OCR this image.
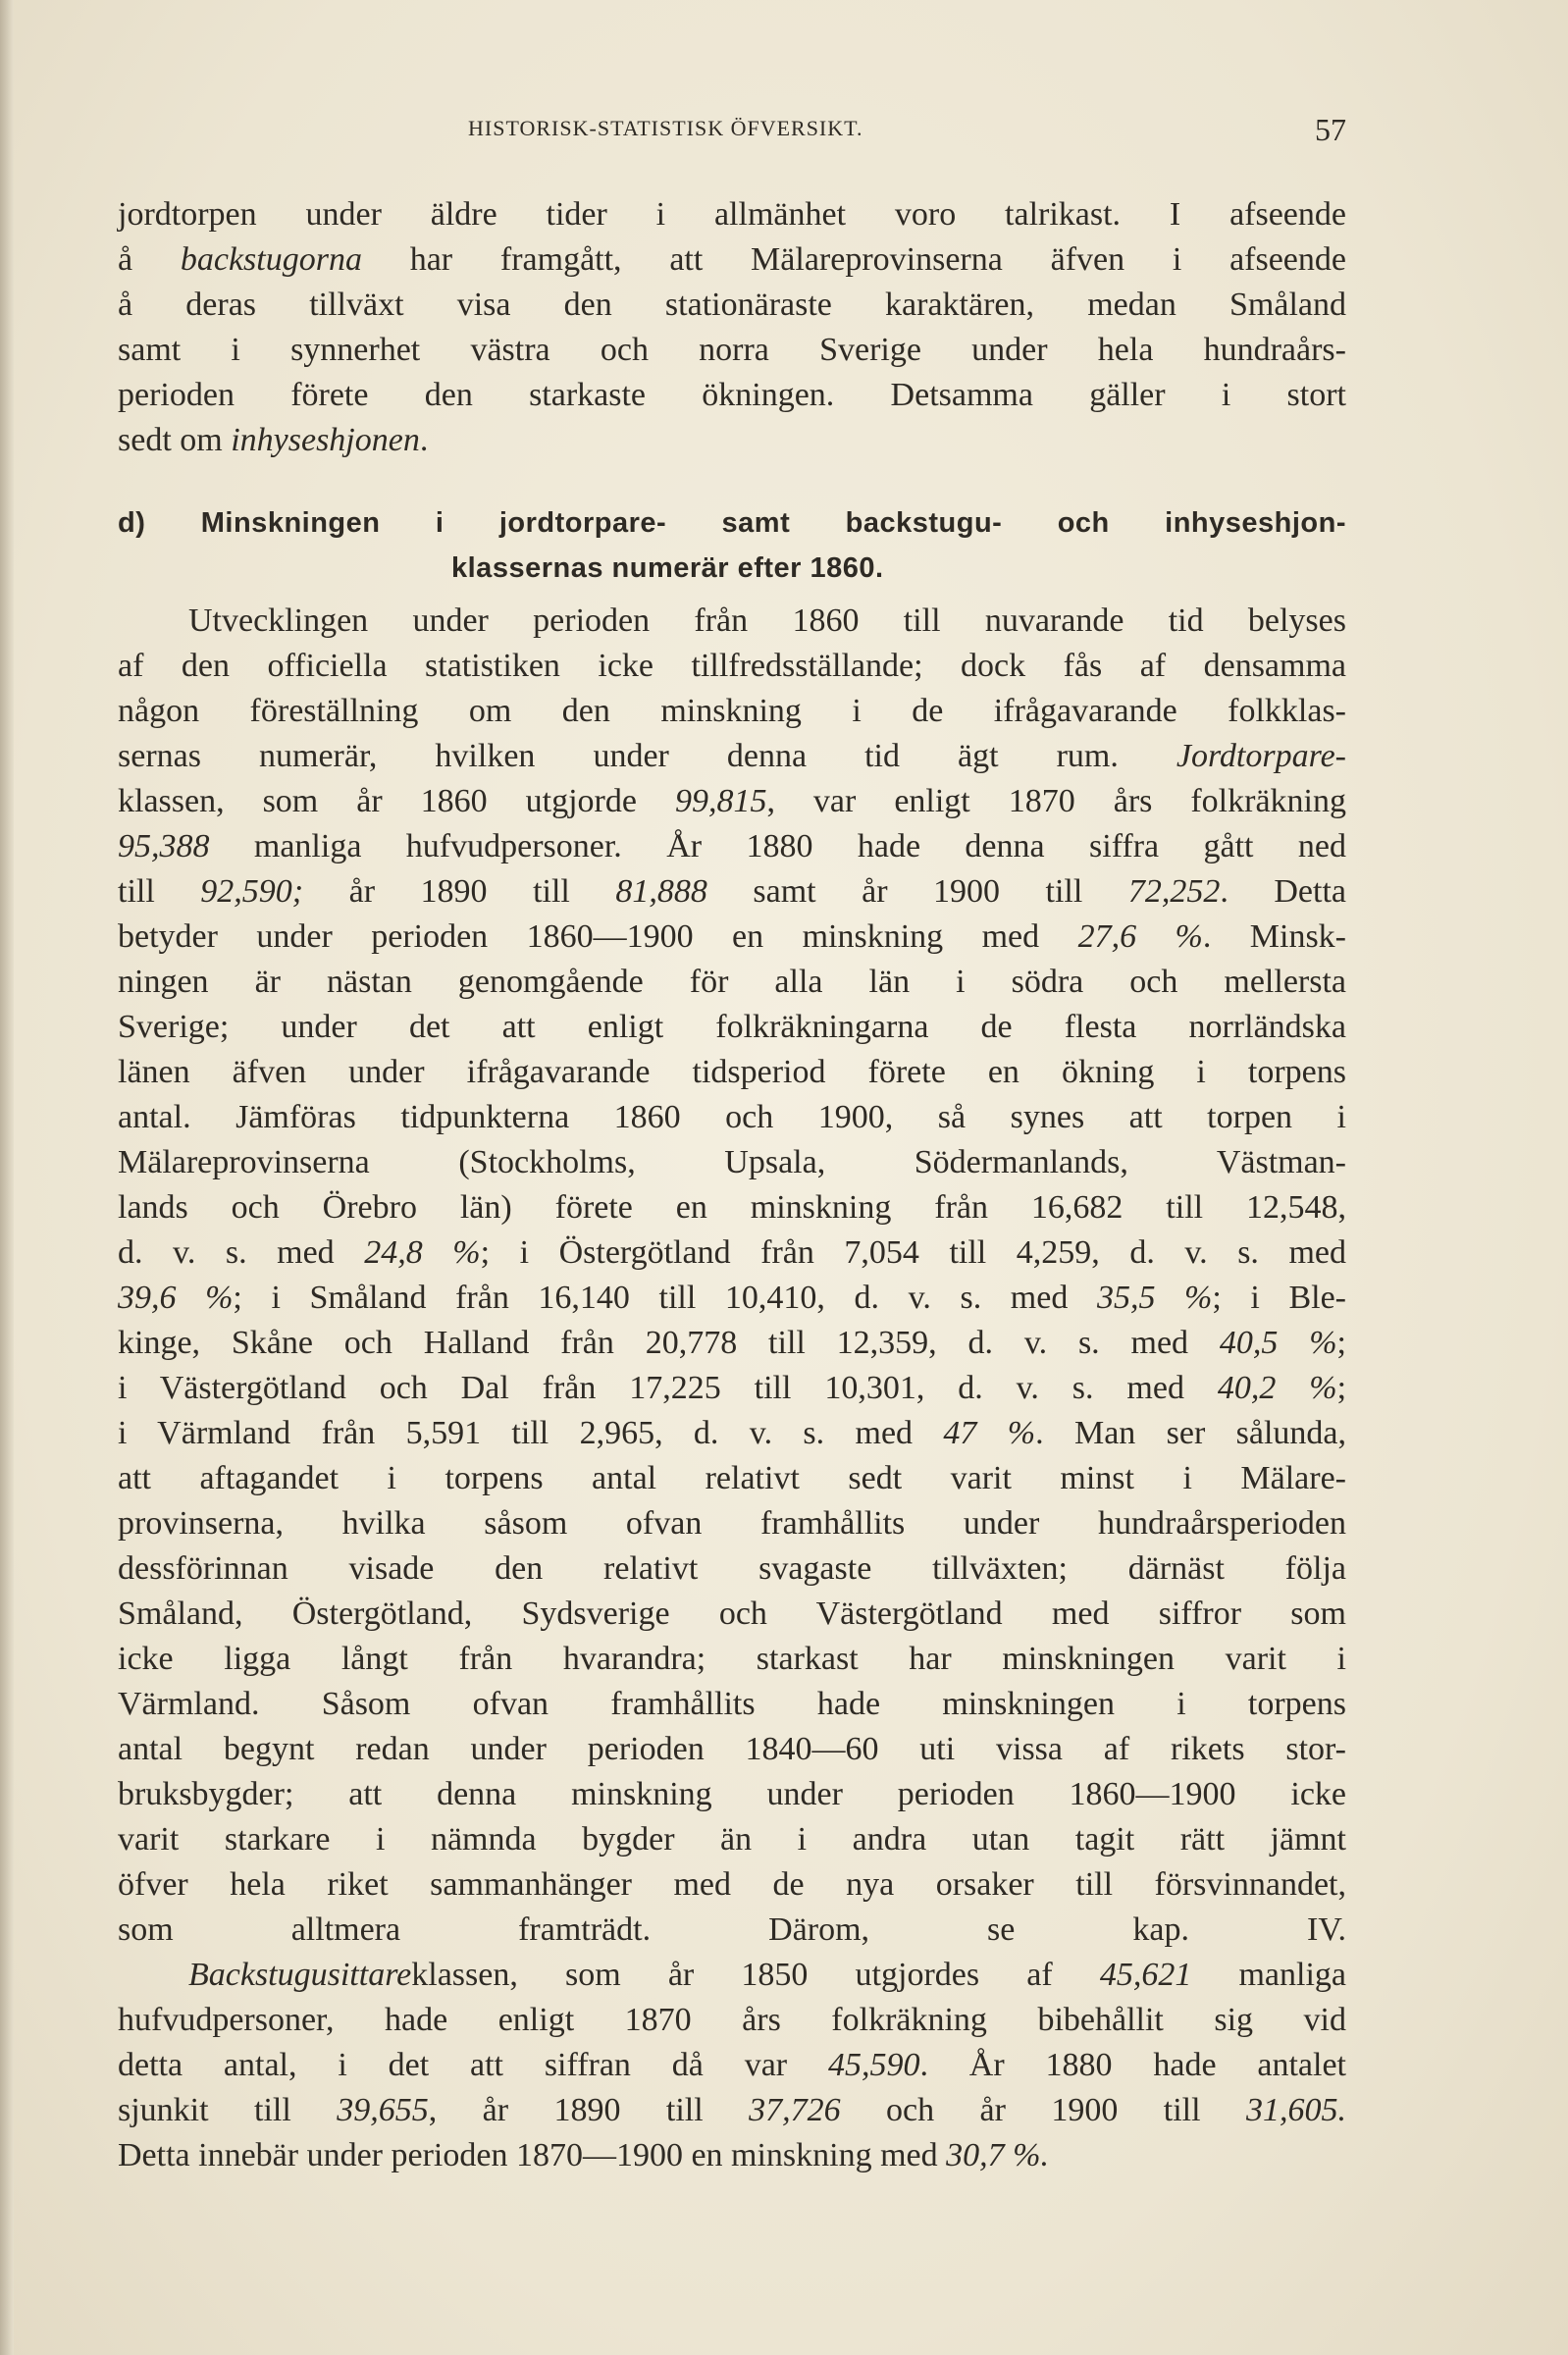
HISTORISK-STATISTISK ÖFVERSIKT.	57
jordtorpen under äldre tider i allmänhet voro talrikast. I afseende
å backstugorna har framgått, att Mälareprovinserna äfven i afseende
å deras tillväxt visa den stationäraste karaktären, medan Småland
samt i synnerhet västra och norra Sverige under hela hundraårs-
perioden förete den starkaste ökningen. Detsamma gäller i stort
sedt om inhyseshjonen.
d) Minskningen i jordtorpare- samt backstugu- och inhyseshjon-
klassernas numerär efter 1860.
Utvecklingen under perioden från 1860 till nuvarande tid belyses
af den officiella statistiken icke tillfredsställande; dock fås af densamma
någon föreställning om den minskning i de ifrågavarande folkklas-
sernas numerär, hvilken under denna tid ägt rum. Jordtorpare-
klassen, som år 1860 utgjorde 99,815, var enligt 1870 års folkräkning
95,388 manliga hufvudpersoner. År 1880 hade denna siffra gått ned
till 92,590; år 1890 till 81,888 samt år 1900 till 72,252. Detta
betyder under perioden 1860—1900 en minskning med 27,6 %. Minsk-
ningen är nästan genomgående för alla län i södra och mellersta
Sverige; under det att enligt folkräkningarna de flesta norrländska
länen äfven under ifrågavarande tidsperiod förete en ökning i torpens
antal. Jämföras tidpunkterna 1860 och 1900, så synes att torpen i
Mälareprovinserna (Stockholms, Upsala, Södermanlands, Västman-
lands och Örebro län) förete en minskning från 16,682 till 12,548,
d. v. s. med 24,8 %; i Östergötland från 7,054 till 4,259, d. v. s. med
39,6 %; i Småland från 16,140 till 10,410, d. v. s. med 35,5 %; i Ble-
kinge, Skåne och Halland från 20,778 till 12,359, d. v. s. med 40,5 %;
i Västergötland och Dal från 17,225 till 10,301, d. v. s. med 40,2 %;
i Värmland från 5,591 till 2,965, d. v. s. med 47 %. Man ser sålunda,
att aftagandet i torpens antal relativt sedt varit minst i Mälare-
provinserna, hvilka såsom ofvan framhållits under hundraårsperioden
dessförinnan visade den relativt svagaste tillväxten; därnäst följa
Småland, Östergötland, Sydsverige och Västergötland med siffror som
icke ligga långt från hvarandra; starkast har minskningen varit i
Värmland. Såsom ofvan framhållits hade minskningen i torpens
antal begynt redan under perioden 1840—60 uti vissa af rikets stor-
bruksbygder; att denna minskning under perioden 1860—1900 icke
varit starkare i nämnda bygder än i andra utan tagit rätt jämnt
öfver hela riket sammanhänger med de nya orsaker till försvinnandet,
som alltmera framträdt. Därom, se kap. IV.
Backstugusittareklassen, som år 1850 utgjordes af 45,621 manliga
hufvudpersoner, hade enligt 1870 års folkräkning bibehållit sig vid
detta antal, i det att siffran då var 45,590. År 1880 hade antalet
sjunkit till 39,655, år 1890 till 37,726 och år 1900 till 31,605.
Detta innebär under perioden 1870—1900 en minskning med 30,7 %.
